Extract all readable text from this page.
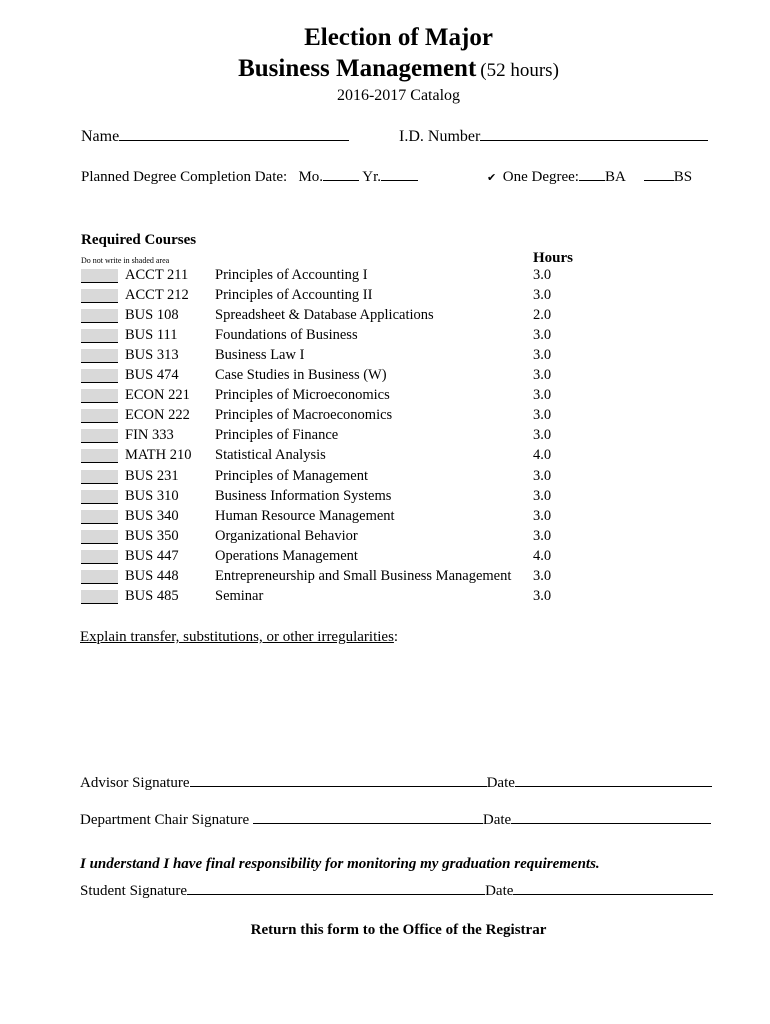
Election of Major
Business Management (52 hours)
2016-2017 Catalog
Name	I.D. Number
Planned Degree Completion Date: Mo.	Yr.	✔ One Degree: BA	BS
Required Courses
Do not write in shaded area	Hours
ACCT 211 Principles of Accounting I	3.0
ACCT 212 Principles of Accounting II	3.0
BUS 108	Spreadsheet & Database Applications	2.0
BUS 111	Foundations of Business	3.0
BUS 313	Business Law I	3.0
BUS 474	Case Studies in Business (W)	3.0
ECON 221 Principles of Microeconomics	3.0
ECON 222 Principles of Macroeconomics	3.0
FIN 333	Principles of Finance	3.0
MATH 210 Statistical Analysis	4.0
BUS 231	Principles of Management	3.0
BUS 310	Business Information Systems	3.0
BUS 340	Human Resource Management	3.0
BUS 350	Organizational Behavior	3.0
BUS 447	Operations Management	4.0
BUS 448	Entrepreneurship and Small Business Management 3.0
BUS 485	Seminar	3.0
Explain transfer, substitutions, or other irregularities:
Advisor Signature	Date
Department Chair Signature	Date
I understand I have final responsibility for monitoring my graduation requirements.
Student Signature	Date
Return this form to the Office of the Registrar
